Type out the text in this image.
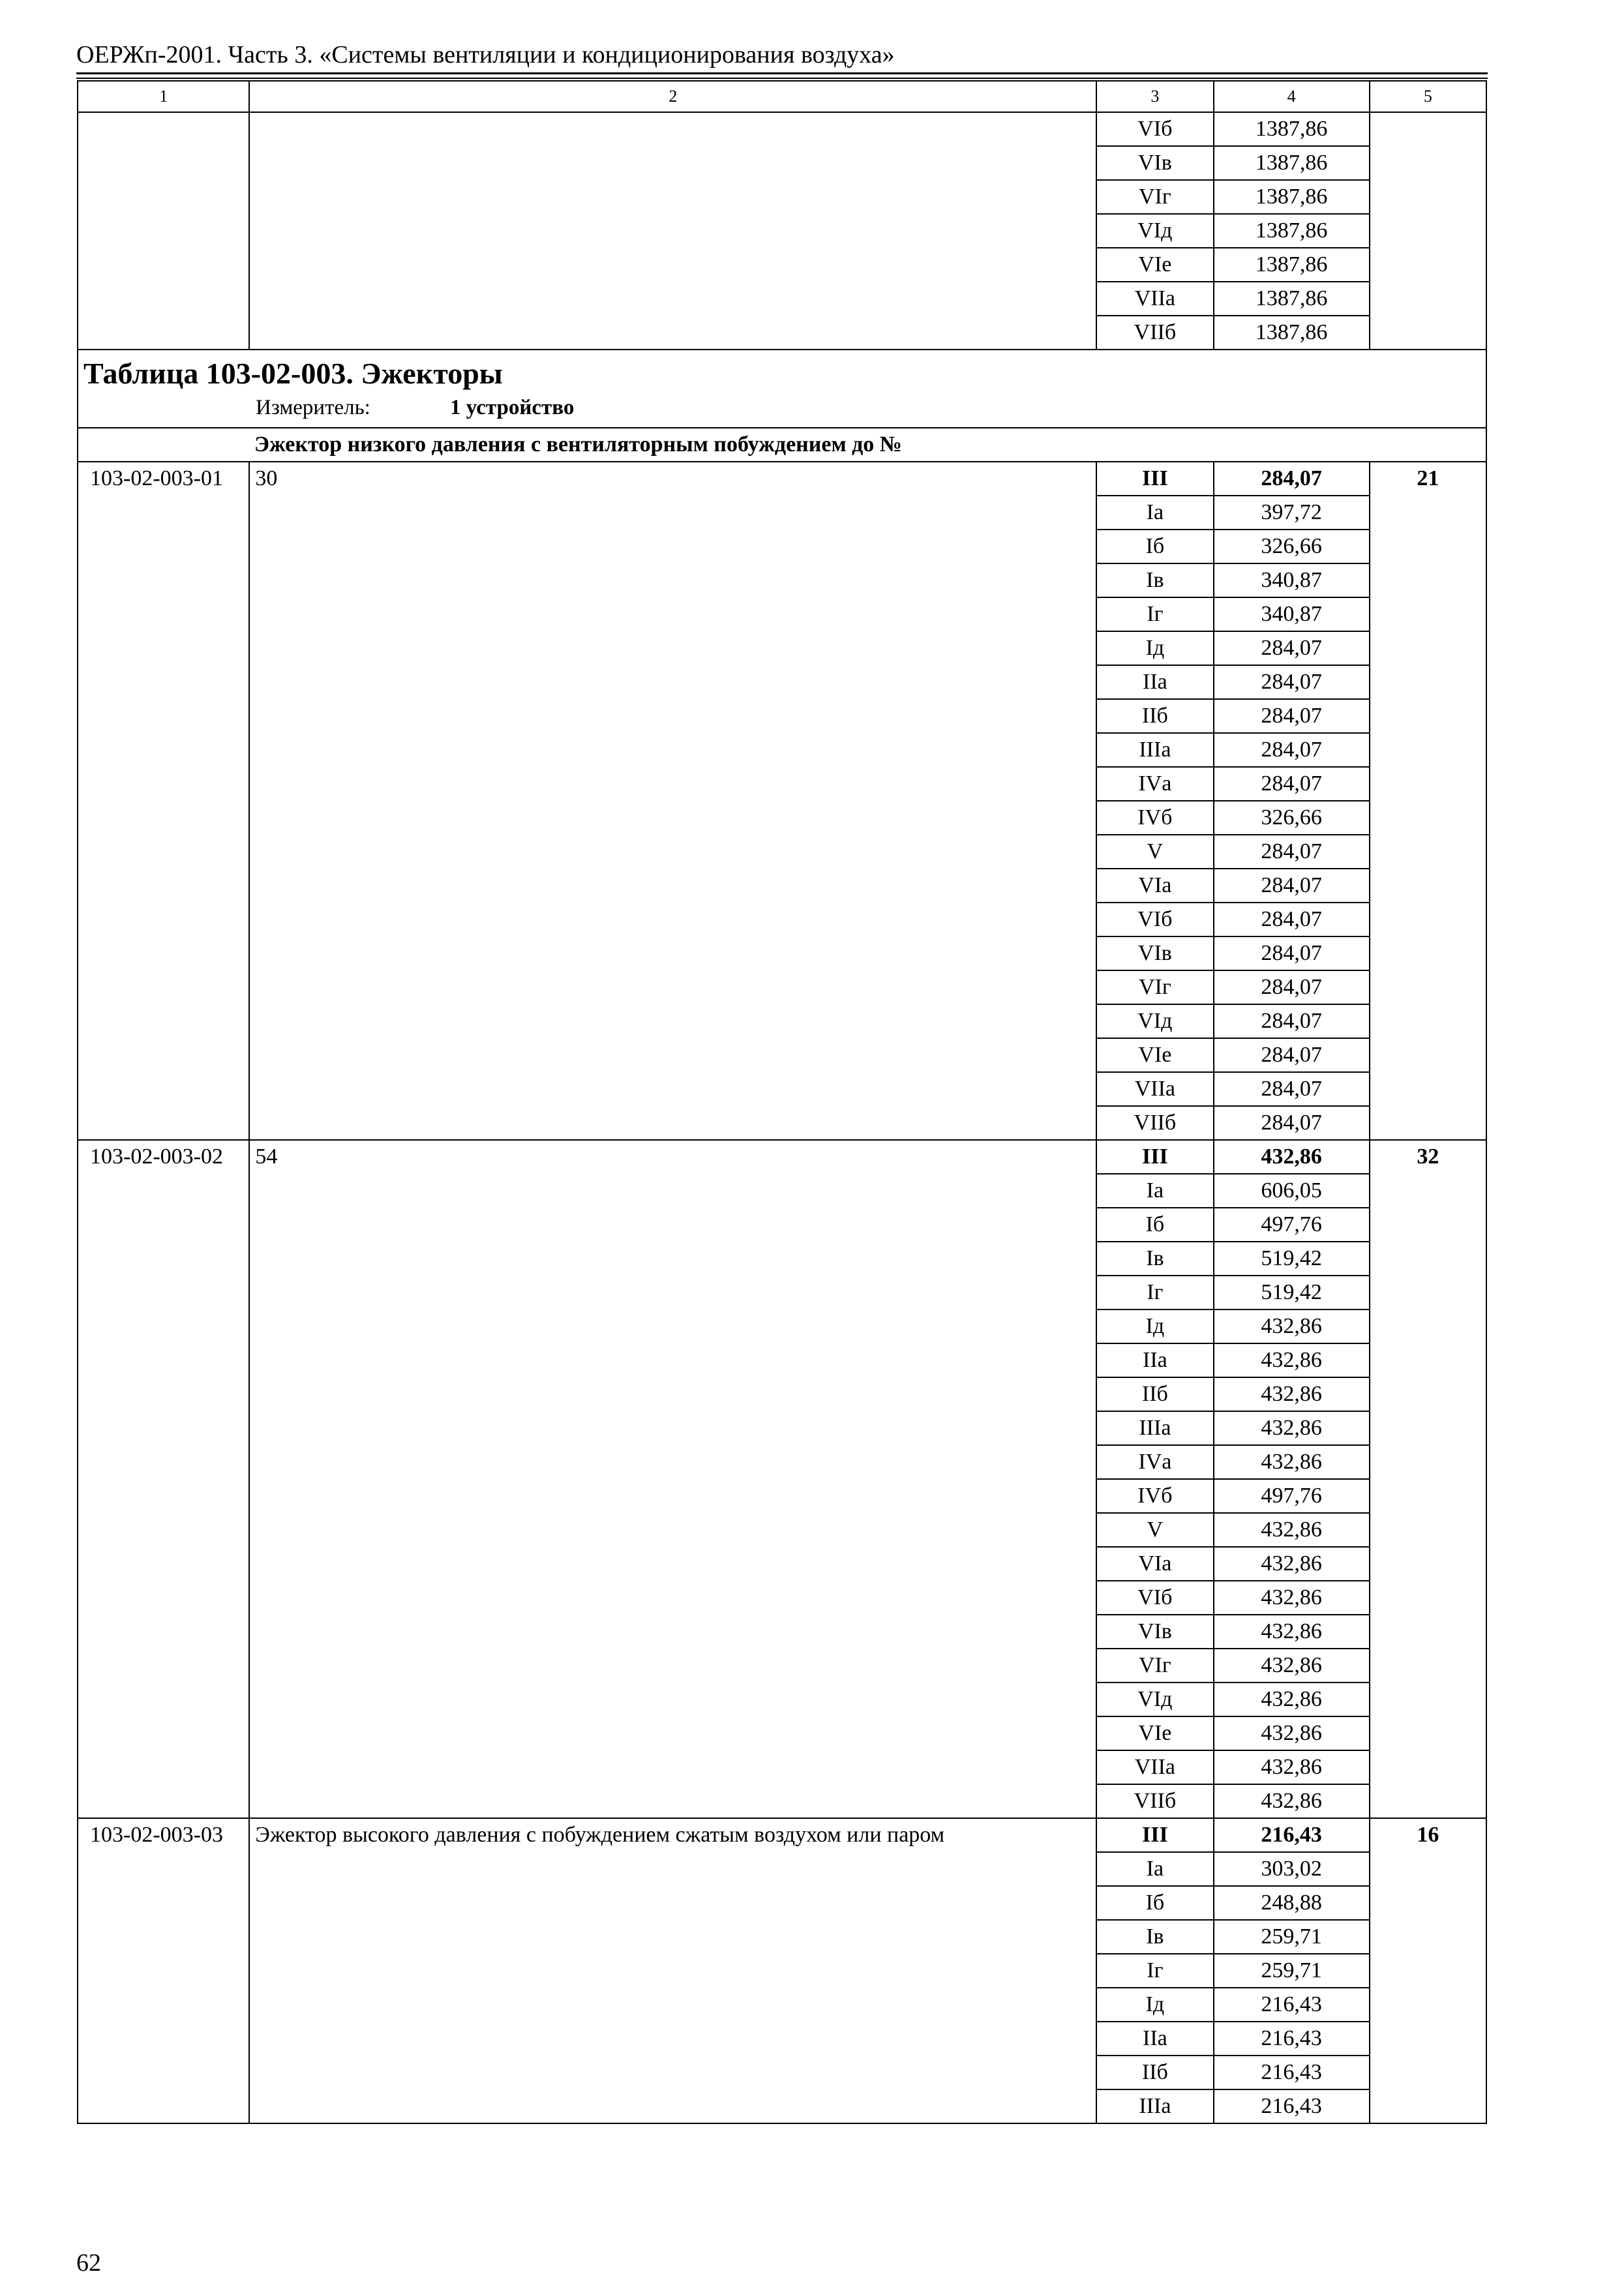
ОЕРЖп-2001. Часть 3. «Системы вентиляции и кондиционирования воздуха»
1	2	3	4	5
		VIб	1387,86	
		VIв	1387,86	
		VIг	1387,86	
		VIд	1387,86	
		VIе	1387,86	
		VIIа	1387,86	
		VIIб	1387,86	

Таблица 103-02-003. Эжекторы
Измеритель: 1 устройство				

Эжектор низкого давления с вентиляторным побуждением до №				
103-02-003-01	30	III	284,07	21
		Iа	397,72	
		Iб	326,66	
		Iв	340,87	
		Iг	340,87	
		Iд	284,07	
		IIа	284,07	
		IIб	284,07	
		IIIа	284,07	
		IVа	284,07	
		IVб	326,66	
		V	284,07	
		VIа	284,07	
		VIб	284,07	
		VIв	284,07	
		VIг	284,07	
		VIд	284,07	
		VIе	284,07	
		VIIа	284,07	
		VIIб	284,07	
103-02-003-02	54	III	432,86	32
		Iа	606,05	
		Iб	497,76	
		Iв	519,42	
		Iг	519,42	
		Iд	432,86	
		IIа	432,86	
		IIб	432,86	
		IIIа	432,86	
		IVа	432,86	
		IVб	497,76	
		V	432,86	
		VIа	432,86	
		VIб	432,86	
		VIв	432,86	
		VIг	432,86	
		VIд	432,86	
		VIе	432,86	
		VIIа	432,86	
		VIIб	432,86	
103-02-003-03	Эжектор высокого давления с побуждением сжатым воздухом или паром	III	216,43	16
		Iа	303,02	
		Iб	248,88	
		Iв	259,71	
		Iг	259,71	
		Iд	216,43	
		IIа	216,43	
		IIб	216,43	
		IIIа	216,43	
62
